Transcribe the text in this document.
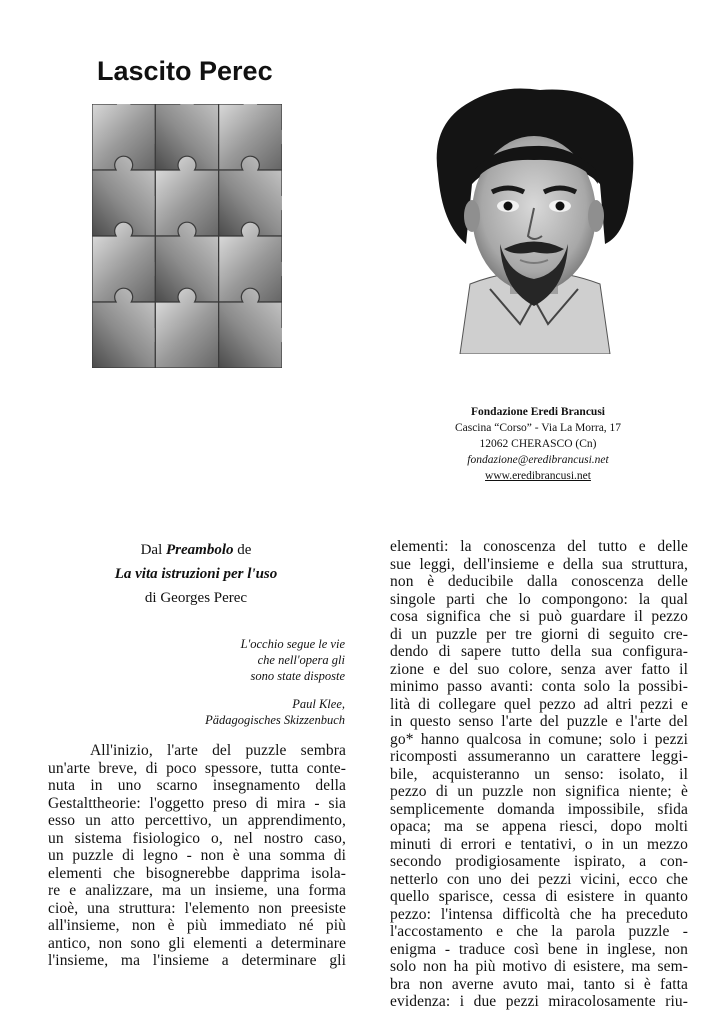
Lascito Perec
Fondazione Eredi Brancusi
Cascina “Corso” - Via La Morra, 17
12062 CHERASCO (Cn)
fondazione@eredibrancusi.net
www.eredibrancusi.net
Dal Preambolo de
La vita istruzioni per l'uso
di Georges Perec
L'occhio segue le vie
che nell'opera gli
sono state disposte
Paul Klee,
Pädagogisches Skizzenbuch
All'inizio, l'arte del puzzle sembra
un'arte breve, di poco spessore, tutta conte-
nuta in uno scarno insegnamento della
Gestalttheorie: l'oggetto preso di mira - sia
esso un atto percettivo, un apprendimento,
un sistema fisiologico o, nel nostro caso,
un puzzle di legno - non è una somma di
elementi che bisognerebbe dapprima isola-
re e analizzare, ma un insieme, una forma
cioè, una struttura: l'elemento non preesiste
all'insieme, non è più immediato né più
antico, non sono gli elementi a determinare
l'insieme, ma l'insieme a determinare gli
elementi: la conoscenza del tutto e delle
sue leggi, dell'insieme e della sua struttura,
non è deducibile dalla conoscenza delle
singole parti che lo compongono: la qual
cosa significa che si può guardare il pezzo
di un puzzle per tre giorni di seguito cre-
dendo di sapere tutto della sua configura-
zione e del suo colore, senza aver fatto il
minimo passo avanti: conta solo la possibi-
lità di collegare quel pezzo ad altri pezzi e
in questo senso l'arte del puzzle e l'arte del
go* hanno qualcosa in comune; solo i pezzi
ricomposti assumeranno un carattere leggi-
bile, acquisteranno un senso: isolato, il
pezzo di un puzzle non significa niente; è
semplicemente domanda impossibile, sfida
opaca; ma se appena riesci, dopo molti
minuti di errori e tentativi, o in un mezzo
secondo prodigiosamente ispirato, a con-
netterlo con uno dei pezzi vicini, ecco che
quello sparisce, cessa di esistere in quanto
pezzo: l'intensa difficoltà che ha preceduto
l'accostamento e che la parola puzzle -
enigma - traduce così bene in inglese, non
solo non ha più motivo di esistere, ma sem-
bra non averne avuto mai, tanto si è fatta
evidenza: i due pezzi miracolosamente riu-
